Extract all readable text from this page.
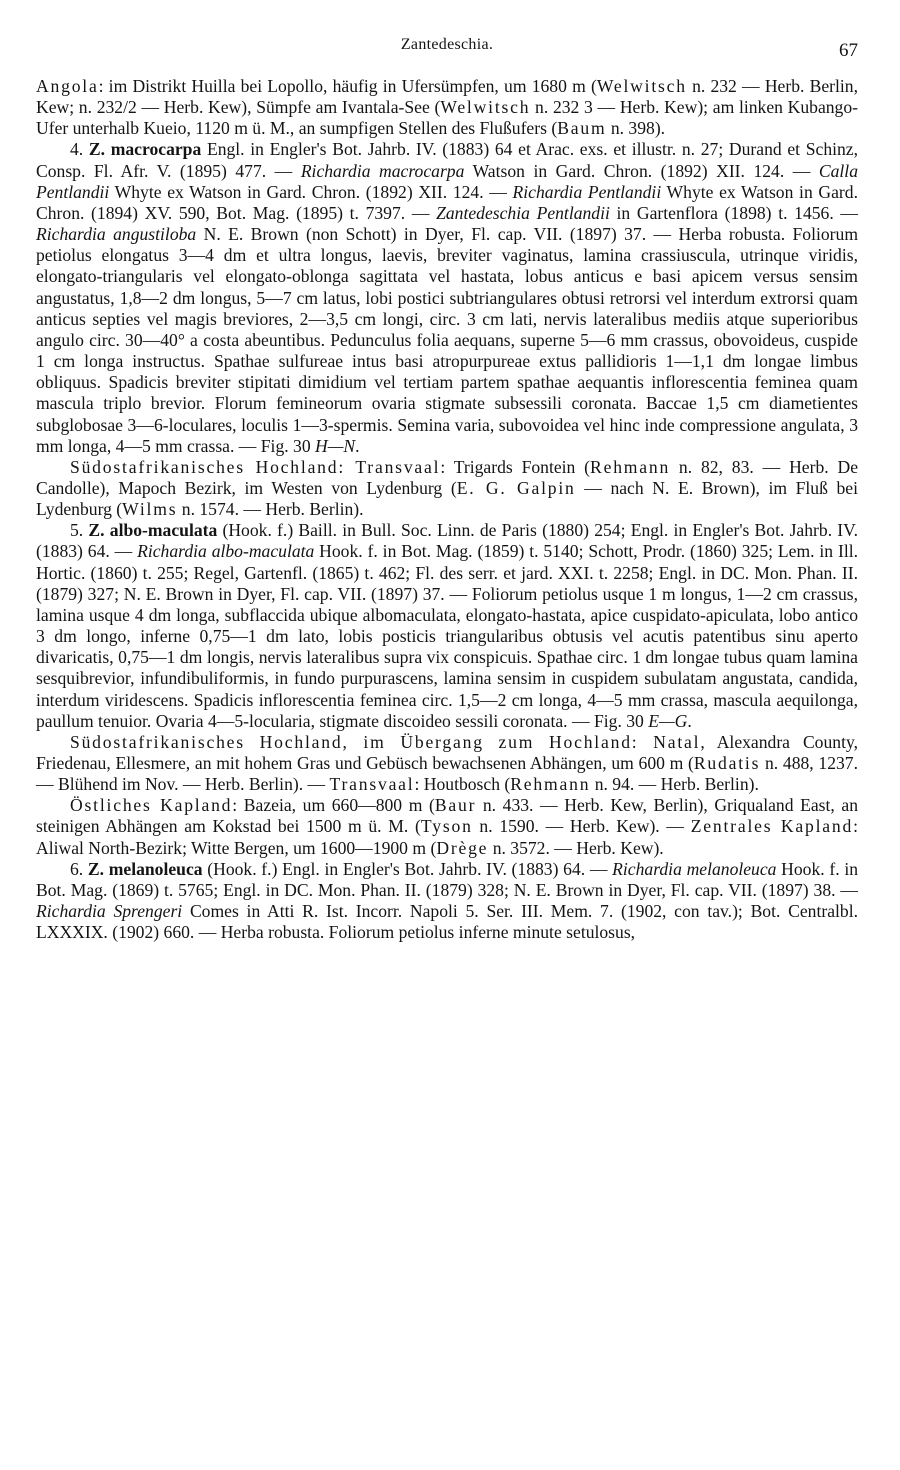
Zantedeschia.	67

Angola: im Distrikt Huilla bei Lopollo, häufig in Ufersümpfen, um 1680 m (Welwitsch n. 232 — Herb. Berlin, Kew; n. 232/2 — Herb. Kew), Sümpfe am Ivantala-See (Welwitsch n. 232 3 — Herb. Kew); am linken Kubango-Ufer unterhalb Kueio, 1120 m ü. M., an sumpfigen Stellen des Flußufers (Baum n. 398).

4. Z. macrocarpa Engl. in Engler's Bot. Jahrb. IV. (1883) 64 et Arac. exs. et illustr. n. 27; Durand et Schinz, Consp. Fl. Afr. V. (1895) 477. — Richardia macrocarpa Watson in Gard. Chron. (1892) XII. 124. — Calla Pentlandii Whyte ex Watson in Gard. Chron. (1892) XII. 124. — Richardia Pentlandii Whyte ex Watson in Gard. Chron. (1894) XV. 590, Bot. Mag. (1895) t. 7397. — Zantedeschia Pentlandii in Gartenflora (1898) t. 1456. — Richardia angustiloba N. E. Brown (non Schott) in Dyer, Fl. cap. VII. (1897) 37. — Herba robusta. Foliorum petiolus elongatus 3—4 dm et ultra longus, laevis, breviter vaginatus, lamina crassiuscula, utrinque viridis, elongato-triangularis vel elongato-oblonga sagittata vel hastata, lobus anticus e basi apicem versus sensim angustatus, 1,8—2 dm longus, 5—7 cm latus, lobi postici subtriangulares obtusi retrorsi vel interdum extrorsi quam anticus septies vel magis breviores, 2—3,5 cm longi, circ. 3 cm lati, nervis lateralibus mediis atque superioribus angulo circ. 30—40° a costa abeuntibus. Pedunculus folia aequans, superne 5—6 mm crassus, obovoideus, cuspide 1 cm longa instructus. Spathae sulfureae intus basi atropurpureae extus pallidioris 1—1,1 dm longae limbus obliquus. Spadicis breviter stipitati dimidium vel tertiam partem spathae aequantis inflorescentia feminea quam mascula triplo brevior. Florum femineorum ovaria stigmate subsessili coronata. Baccae 1,5 cm diametientes subglobosae 3—6-loculares, loculis 1—3-spermis. Semina varia, subovoidea vel hinc inde compressione angulata, 3 mm longa, 4—5 mm crassa. — Fig. 30 H—N.

Südostafrikanisches Hochland: Transvaal: Trigards Fontein (Rehmann n. 82, 83. — Herb. De Candolle), Mapoch Bezirk, im Westen von Lydenburg (E. G. Galpin — nach N. E. Brown), im Fluß bei Lydenburg (Wilms n. 1574. — Herb. Berlin).

5. Z. albo-maculata (Hook. f.) Baill. in Bull. Soc. Linn. de Paris (1880) 254; Engl. in Engler's Bot. Jahrb. IV. (1883) 64. — Richardia albo-maculata Hook. f. in Bot. Mag. (1859) t. 5140; Schott, Prodr. (1860) 325; Lem. in Ill. Hortic. (1860) t. 255; Regel, Gartenfl. (1865) t. 462; Fl. des serr. et jard. XXI. t. 2258; Engl. in DC. Mon. Phan. II. (1879) 327; N. E. Brown in Dyer, Fl. cap. VII. (1897) 37. — Foliorum petiolus usque 1 m longus, 1—2 cm crassus, lamina usque 4 dm longa, subflaccida ubique albomaculata, elongato-hastata, apice cuspidato-apiculata, lobo antico 3 dm longo, inferne 0,75—1 dm lato, lobis posticis triangularibus obtusis vel acutis patentibus sinu aperto divaricatis, 0,75—1 dm longis, nervis lateralibus supra vix conspicuis. Spathae circ. 1 dm longae tubus quam lamina sesquibrevior, infundibuliformis, in fundo purpurascens, lamina sensim in cuspidem subulatam angustata, candida, interdum viridescens. Spadicis inflorescentia feminea circ. 1,5—2 cm longa, 4—5 mm crassa, mascula aequilonga, paullum tenuior. Ovaria 4—5-locularia, stigmate discoideo sessili coronata. — Fig. 30 E—G.

Südostafrikanisches Hochland, im Übergang zum Hochland: Natal, Alexandra County, Friedenau, Ellesmere, an mit hohem Gras und Gebüsch bewachsenen Abhängen, um 600 m (Rudatis n. 488, 1237. — Blühend im Nov. — Herb. Berlin). — Transvaal: Houtbosch (Rehmann n. 94. — Herb. Berlin).

Östliches Kapland: Bazeia, um 660—800 m (Baur n. 433. — Herb. Kew, Berlin), Griqualand East, an steinigen Abhängen am Kokstad bei 1500 m ü. M. (Tyson n. 1590. — Herb. Kew). — Zentrales Kapland: Aliwal North-Bezirk; Witte Bergen, um 1600—1900 m (Drège n. 3572. — Herb. Kew).

6. Z. melanoleuca (Hook. f.) Engl. in Engler's Bot. Jahrb. IV. (1883) 64. — Richardia melanoleuca Hook. f. in Bot. Mag. (1869) t. 5765; Engl. in DC. Mon. Phan. II. (1879) 328; N. E. Brown in Dyer, Fl. cap. VII. (1897) 38. — Richardia Sprengeri Comes in Atti R. Ist. Incorr. Napoli 5. Ser. III. Mem. 7. (1902, con tav.); Bot. Centralbl. LXXXIX. (1902) 660. — Herba robusta. Foliorum petiolus inferne minute setulosus,
